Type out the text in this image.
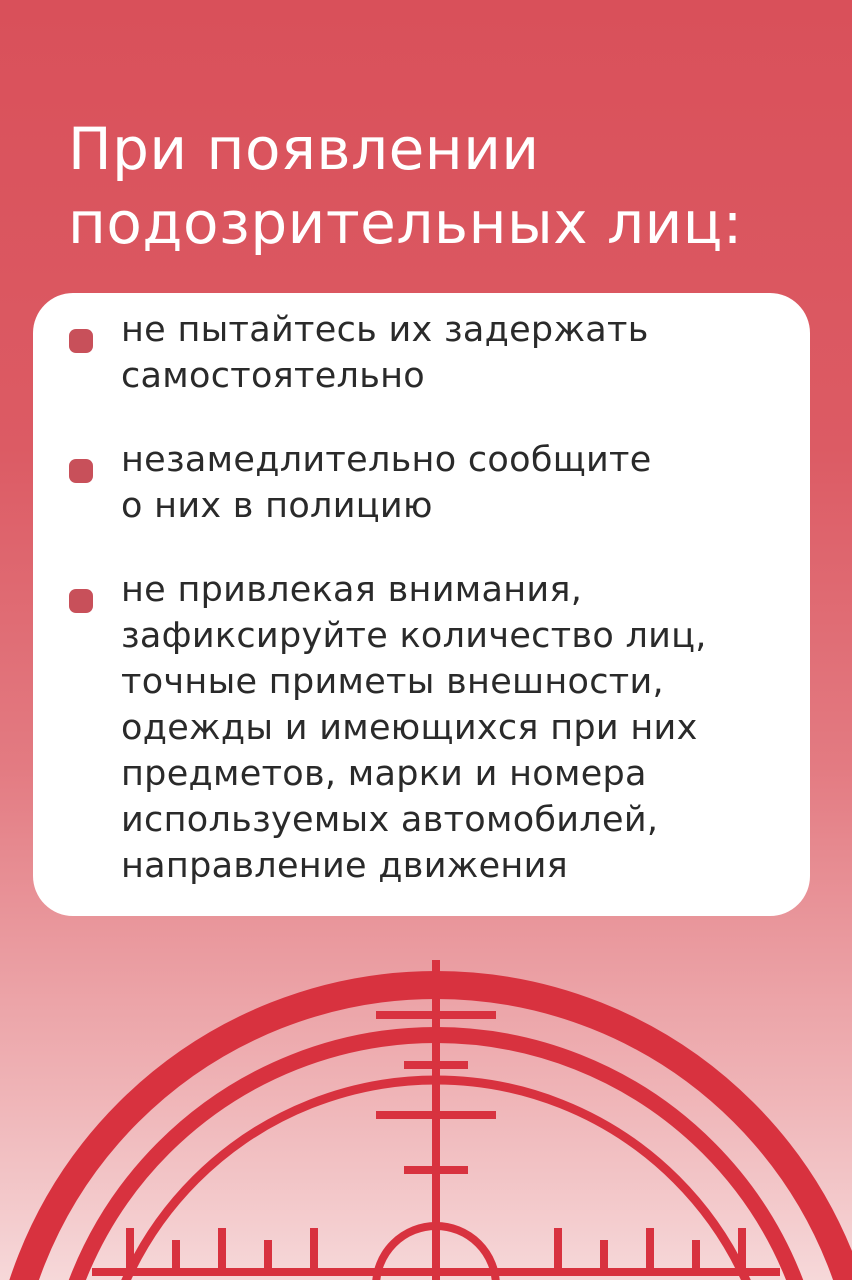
При появлении
подозрительных лиц:
не пытайтесь их задержать
самостоятельно
незамедлительно сообщите
о них в полицию
не привлекая внимания,
зафиксируйте количество лиц,
точные приметы внешности,
одежды и имеющихся при них
предметов, марки и номера
используемых автомобилей,
направление движения
